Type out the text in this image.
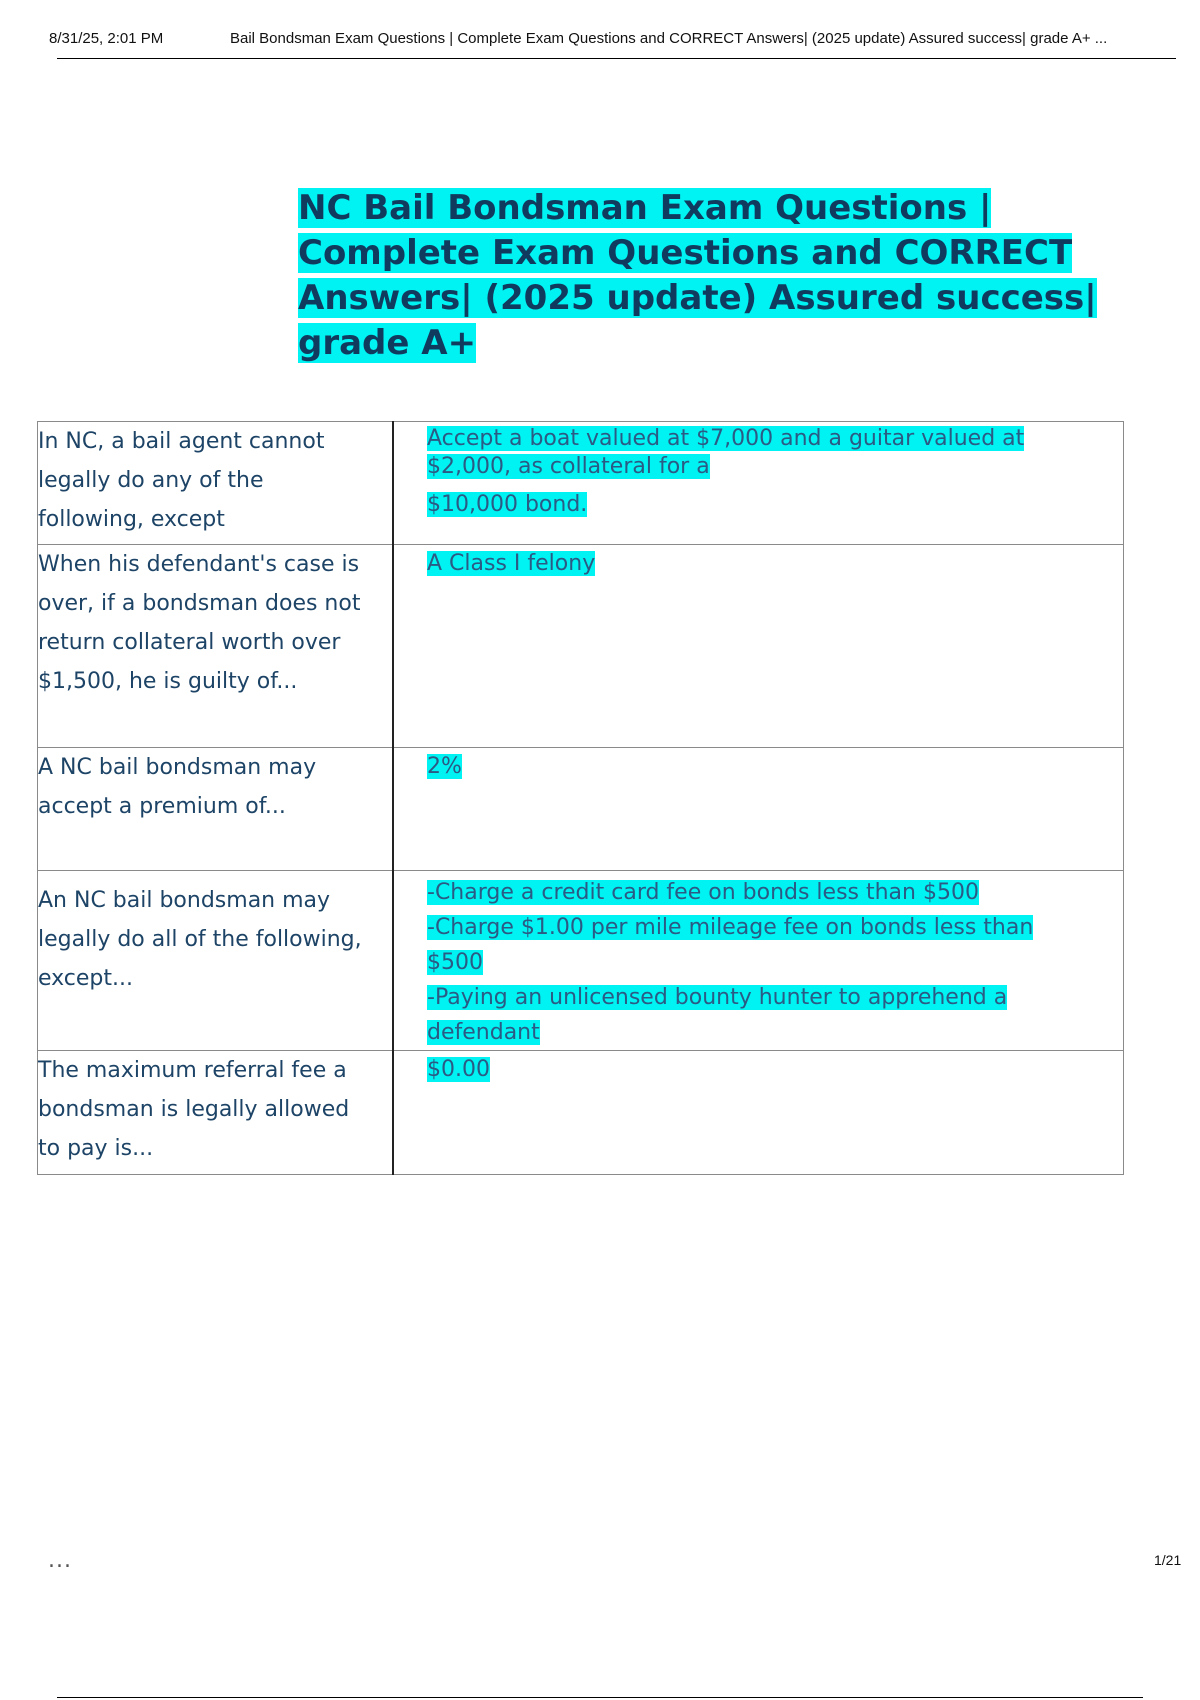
8/31/25, 2:01 PM	Bail Bondsman Exam Questions | Complete Exam Questions and CORRECT Answers| (2025 update) Assured success| grade A+ ...
NC Bail Bondsman Exam Questions | Complete Exam Questions and CORRECT Answers| (2025 update) Assured success| grade A+
In NC, a bail agent cannot legally do any of the following, except	Accept a boat valued at $7,000 and a guitar valued at $2,000, as collateral for a
$10,000 bond.

When his defendant's case is over, if a bondsman does not return collateral worth over $1,500, he is guilty of...	A Class I felony

A NC bail bondsman may accept a premium of...	2%

An NC bail bondsman may legally do all of the following, except...	-Charge a credit card fee on bonds less than $500
-Charge $1.00 per mile mileage fee on bonds less than $500
-Paying an unlicensed bounty hunter to apprehend a defendant

The maximum referral fee a bondsman is legally allowed to pay is...	$0.00
...	1/21
